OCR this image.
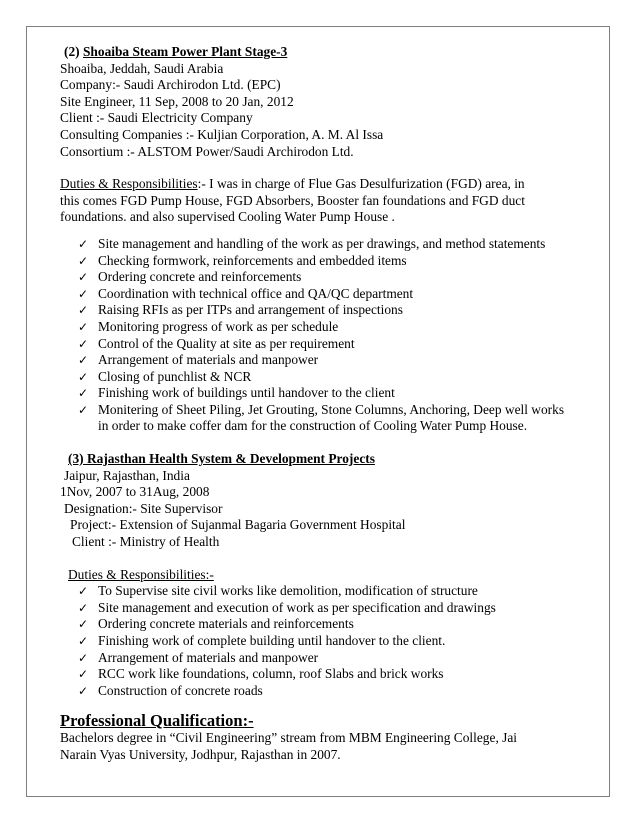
(2) Shoaiba Steam Power Plant Stage-3
Shoaiba, Jeddah, Saudi Arabia
Company:- Saudi Archirodon Ltd. (EPC)
Site Engineer, 11 Sep, 2008 to 20 Jan, 2012
Client :- Saudi Electricity Company
Consulting Companies :- Kuljian Corporation, A. M. Al Issa
Consortium :- ALSTOM Power/Saudi Archirodon Ltd.
Duties & Responsibilities:- I was in charge of Flue Gas Desulfurization (FGD) area, in
this comes FGD Pump House, FGD Absorbers, Booster fan foundations and FGD duct
foundations. and also supervised Cooling Water Pump House .
✓ Site management and handling of the work as per drawings, and method statements
✓ Checking formwork, reinforcements and embedded items
✓ Ordering concrete and reinforcements
✓ Coordination with technical office and QA/QC department
✓ Raising RFIs as per ITPs and arrangement of inspections
✓ Monitoring progress of work as per schedule
✓ Control of the Quality at site as per requirement
✓ Arrangement of materials and manpower
✓ Closing of punchlist & NCR
✓ Finishing work of buildings until handover to the client
✓ Monitering of Sheet Piling, Jet Grouting, Stone Columns, Anchoring, Deep well works
in order to make coffer dam for the construction of Cooling Water Pump House.
(3) Rajasthan Health System & Development Projects
Jaipur, Rajasthan, India
1Nov, 2007 to 31Aug, 2008
Designation:- Site Supervisor
Project:- Extension of Sujanmal Bagaria Government Hospital
Client :- Ministry of Health
Duties & Responsibilities:-
✓ To Supervise site civil works like demolition, modification of structure
✓ Site management and execution of work as per specification and drawings
✓ Ordering concrete materials and reinforcements
✓ Finishing work of complete building until handover to the client.
✓ Arrangement of materials and manpower
✓ RCC work like foundations, column, roof Slabs and brick works
✓ Construction of concrete roads
Professional Qualification:-
Bachelors degree in “Civil Engineering” stream from MBM Engineering College, Jai
Narain Vyas University, Jodhpur, Rajasthan in 2007.
